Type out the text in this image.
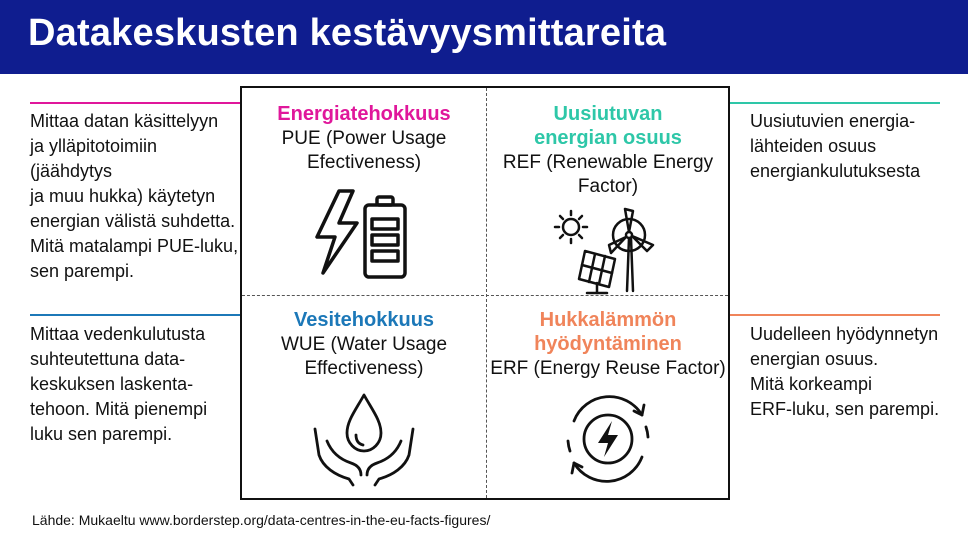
Datakeskusten kestävyysmittareita
Mittaa datan käsittelyyn
ja ylläpitotoimiin (jäähdytys
ja muu hukka) käytetyn
energian välistä suhdetta.
Mitä matalampi PUE-luku,
sen parempi.
Mittaa vedenkulutusta
suhteutettuna data-
keskuksen laskenta-
tehoon. Mitä pienempi
luku sen parempi.
Uusiutuvien energia-
lähteiden osuus
energiankulutuksesta
Uudelleen hyödynnetyn
energian osuus.
Mitä korkeampi
ERF-luku, sen parempi.
Energiatehokkuus
PUE (Power Usage
Efectiveness)
Uusiutuvan
energian osuus
REF (Renewable Energy Factor)
Vesitehokkuus
WUE (Water Usage
Effectiveness)
Hukkalämmön
hyödyntäminen
ERF (Energy Reuse Factor)
Lähde: Mukaeltu www.borderstep.org/data-centres-in-the-eu-facts-figures/
